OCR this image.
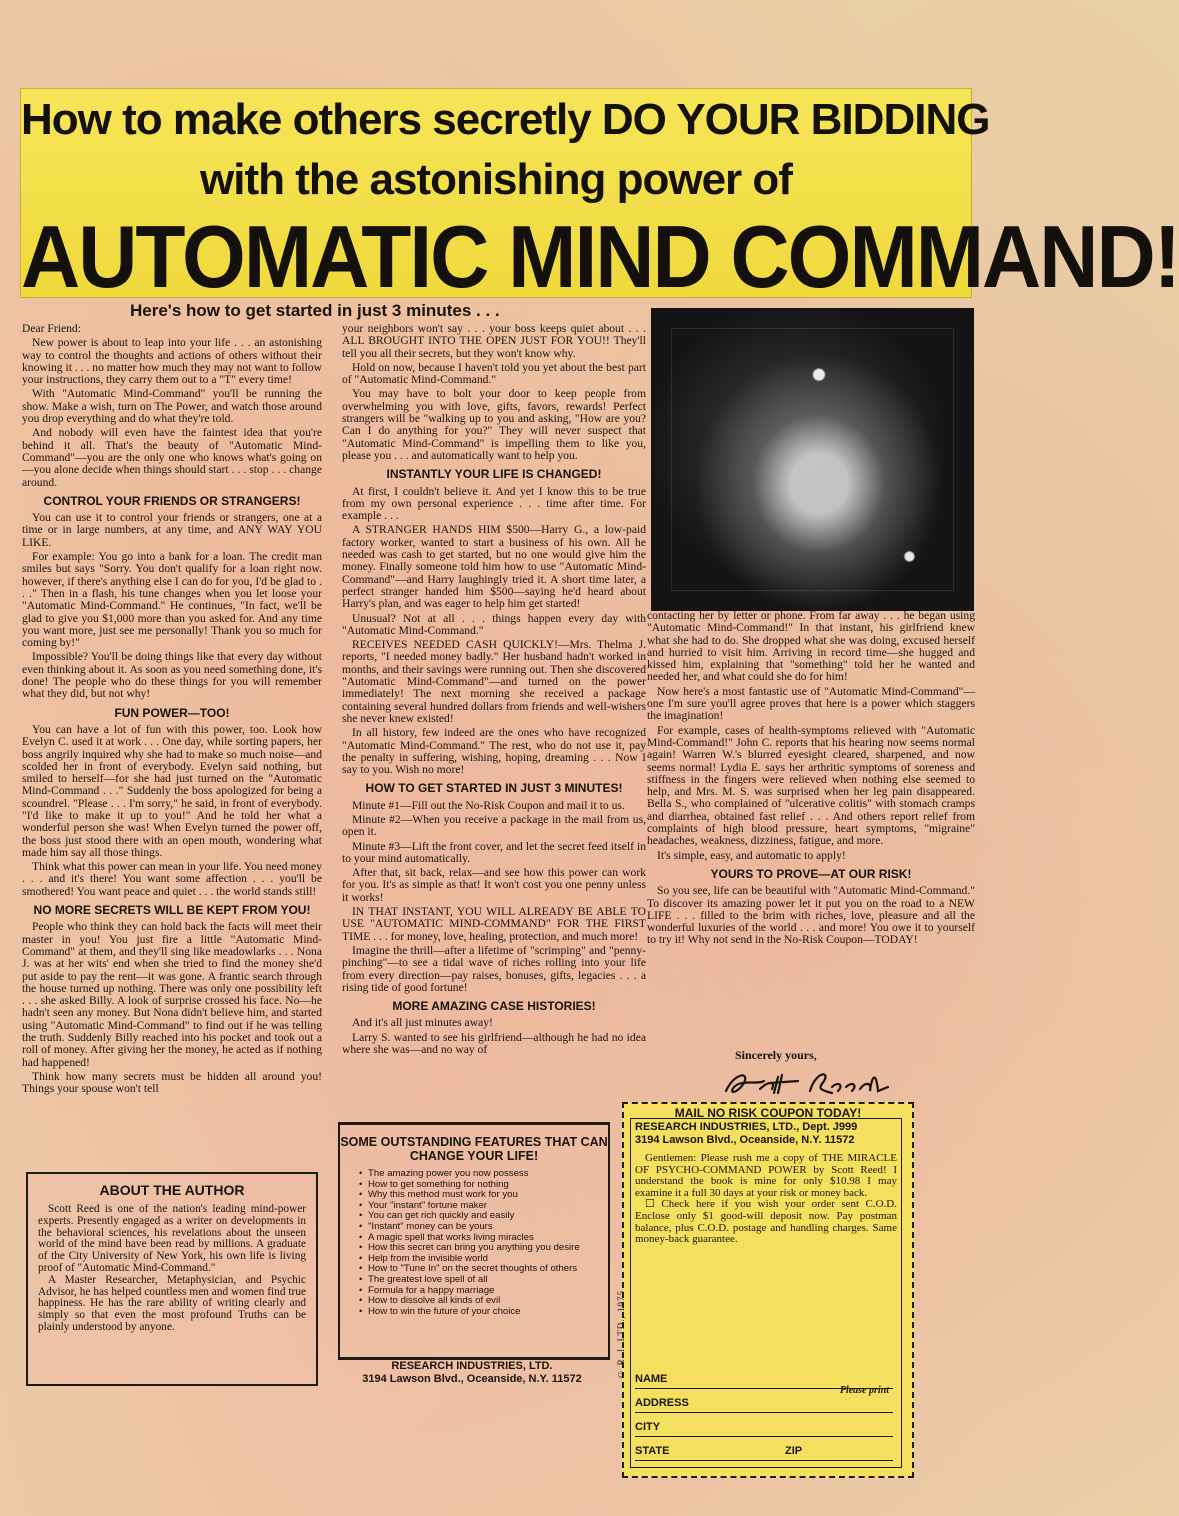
How to make others secretly DO YOUR BIDDING
with the astonishing power of
AUTOMATIC MIND COMMAND!
Here's how to get started in just 3 minutes . . .

Dear Friend:

New power is about to leap into your life . . . an astonishing way to control the thoughts and actions of others without their knowing it . . . no matter how much they may not want to follow your instructions, they carry them out to a "T" every time!

With "Automatic Mind-Command" you'll be running the show. Make a wish, turn on The Power, and watch those around you drop everything and do what they're told.

And nobody will even have the faintest idea that you're behind it all. That's the beauty of "Automatic Mind-Command"—you are the only one who knows what's going on—you alone decide when things should start . . . stop . . . change around.

CONTROL YOUR FRIENDS OR STRANGERS!

You can use it to control your friends or strangers, one at a time or in large numbers, at any time, and ANY WAY YOU LIKE.

For example: You go into a bank for a loan. The credit man smiles but says "Sorry. You don't qualify for a loan right now. however, if there's anything else I can do for you, I'd be glad to . . ." Then in a flash, his tune changes when you let loose your "Automatic Mind-Command." He continues, "In fact, we'll be glad to give you $1,000 more than you asked for. And any time you want more, just see me personally! Thank you so much for coming by!"

Impossible? You'll be doing things like that every day without even thinking about it. As soon as you need something done, it's done! The people who do these things for you will remember what they did, but not why!

FUN POWER—TOO!

You can have a lot of fun with this power, too. Look how Evelyn C. used it at work . . . One day, while sorting papers, her boss angrily inquired why she had to make so much noise—and scolded her in front of everybody. Evelyn said nothing, but smiled to herself—for she had just turned on the "Automatic Mind-Command . . ." Suddenly the boss apologized for being a scoundrel. "Please . . . I'm sorry," he said, in front of everybody. "I'd like to make it up to you!" And he told her what a wonderful person she was! When Evelyn turned the power off, the boss just stood there with an open mouth, wondering what made him say all those things.

Think what this power can mean in your life. You need money . . . and it's there! You want some affection . . . you'll be smothered! You want peace and quiet . . . the world stands still!

NO MORE SECRETS WILL BE KEPT FROM YOU!

People who think they can hold back the facts will meet their master in you! You just fire a little "Automatic Mind-Command" at them, and they'll sing like meadowlarks . . . Nona J. was at her wits' end when she tried to find the money she'd put aside to pay the rent—it was gone. A frantic search through the house turned up nothing. There was only one possibility left . . . she asked Billy. A look of surprise crossed his face. No—he hadn't seen any money. But Nona didn't believe him, and started using "Automatic Mind-Command" to find out if he was telling the truth. Suddenly Billy reached into his pocket and took out a roll of money. After giving her the money, he acted as if nothing had happened!

Think how many secrets must be hidden all around you! Things your spouse won't tell

your neighbors won't say . . . your boss keeps quiet about . . . ALL BROUGHT INTO THE OPEN JUST FOR YOU!! They'll tell you all their secrets, but they won't know why.

Hold on now, because I haven't told you yet about the best part of "Automatic Mind-Command."

You may have to bolt your door to keep people from overwhelming you with love, gifts, favors, rewards! Perfect strangers will be "walking up to you and asking, "How are you? Can I do anything for you?" They will never suspect that "Automatic Mind-Command" is impelling them to like you, please you . . . and automatically want to help you.

INSTANTLY YOUR LIFE IS CHANGED!

At first, I couldn't believe it. And yet I know this to be true from my own personal experience . . . time after time. For example . . .

A STRANGER HANDS HIM $500—Harry G., a low-paid factory worker, wanted to start a business of his own. All he needed was cash to get started, but no one would give him the money. Finally someone told him how to use "Automatic Mind-Command"—and Harry laughingly tried it. A short time later, a perfect stranger handed him $500—saying he'd heard about Harry's plan, and was eager to help him get started!

Unusual? Not at all . . . things happen every day with "Automatic Mind-Command."

RECEIVES NEEDED CASH QUICKLY!—Mrs. Thelma J. reports, "I needed money badly." Her husband hadn't worked in months, and their savings were running out. Then she discovered "Automatic Mind-Command"—and turned on the power immediately! The next morning she received a package containing several hundred dollars from friends and well-wishers she never knew existed!

In all history, few indeed are the ones who have recognized "Automatic Mind-Command." The rest, who do not use it, pay the penalty in suffering, wishing, hoping, dreaming . . . Now I say to you. Wish no more!

HOW TO GET STARTED IN JUST 3 MINUTES!

Minute #1—Fill out the No-Risk Coupon and mail it to us.

Minute #2—When you receive a package in the mail from us, open it.

Minute #3—Lift the front cover, and let the secret feed itself in to your mind automatically.

After that, sit back, relax—and see how this power can work for you. It's as simple as that! It won't cost you one penny unless it works!

IN THAT INSTANT, YOU WILL ALREADY BE ABLE TO USE "AUTOMATIC MIND-COMMAND" FOR THE FIRST TIME . . . for money, love, healing, protection, and much more!

Imagine the thrill—after a lifetime of "scrimping" and "penny-pinching"—to see a tidal wave of riches rolling into your life from every direction—pay raises, bonuses, gifts, legacies . . . a rising tide of good fortune!

MORE AMAZING CASE HISTORIES!

And it's all just minutes away!

Larry S. wanted to see his girlfriend—although he had no idea where she was—and no way of

contacting her by letter or phone. From far away . . . he began using "Automatic Mind-Command!" In that instant, his girlfriend knew what she had to do. She dropped what she was doing, excused herself and hurried to visit him. Arriving in record time—she hugged and kissed him, explaining that "something" told her he wanted and needed her, and what could she do for him!

Now here's a most fantastic use of "Automatic Mind-Command"—one I'm sure you'll agree proves that here is a power which staggers the imagination!

For example, cases of health-symptoms relieved with "Automatic Mind-Command!" John C. reports that his hearing now seems normal again! Warren W.'s blurred eyesight cleared, sharpened, and now seems normal! Lydia E. says her arthritic symptoms of soreness and stiffness in the fingers were relieved when nothing else seemed to help, and Mrs. M. S. was surprised when her leg pain disappeared. Bella S., who complained of "ulcerative colitis" with stomach cramps and diarrhea, obtained fast relief . . . And others report relief from complaints of high blood pressure, heart symptoms, "migraine" headaches, weakness, dizziness, fatigue, and more.

It's simple, easy, and automatic to apply!

YOURS TO PROVE—AT OUR RISK!

So you see, life can be beautiful with "Automatic Mind-Command." To discover its amazing power let it put you on the road to a NEW LIFE . . . filled to the brim with riches, love, pleasure and all the wonderful luxuries of the world . . . and more! You owe it to yourself to try it! Why not send in the No-Risk Coupon—TODAY!

Sincerely yours,
MAIL NO RISK COUPON TODAY!
RESEARCH INDUSTRIES, LTD., Dept. J999
3194 Lawson Blvd., Oceanside, N.Y. 11572

Gentlemen: Please rush me a copy of THE MIRACLE OF PSYCHO-COMMAND POWER by Scott Reed! I understand the book is mine for only $10.98 I may examine it a full 30 days at your risk or money back.

☐ Check here if you wish your order sent C.O.D. Enclose only $1 good-will deposit now. Pay postman balance, plus C.O.D. postage and handling charges. Same money-back guarantee.

NAME
Please print
ADDRESS
CITY
STATE	ZIP
ABOUT THE AUTHOR

Scott Reed is one of the nation's leading mind-power experts. Presently engaged as a writer on developments in the behavioral sciences, his revelations about the unseen world of the mind have been read by millions. A graduate of the City University of New York, his own life is living proof of "Automatic Mind-Command."

A Master Researcher, Metaphysician, and Psychic Advisor, he has helped countless men and women find true happiness. He has the rare ability of writing clearly and simply so that even the most profound Truths can be plainly understood by anyone.

SOME OUTSTANDING FEATURES THAT CAN CHANGE YOUR LIFE!
• The amazing power you now possess
• How to get something for nothing
• Why this method must work for you
• Your "instant" fortune maker
• You can get rich quickly and easily
• "Instant" money can be yours
• A magic spell that works living miracles
• How this secret can bring you anything you desire
• Help from the invisible world
• How to "Tune In" on the secret thoughts of others
• The greatest love spell of all
• Formula for a happy marriage
• How to dissolve all kinds of evil
• How to win the future of your choice
RESEARCH INDUSTRIES, LTD.
3194 Lawson Blvd., Oceanside, N.Y. 11572	© R. I. LTD., 1975
